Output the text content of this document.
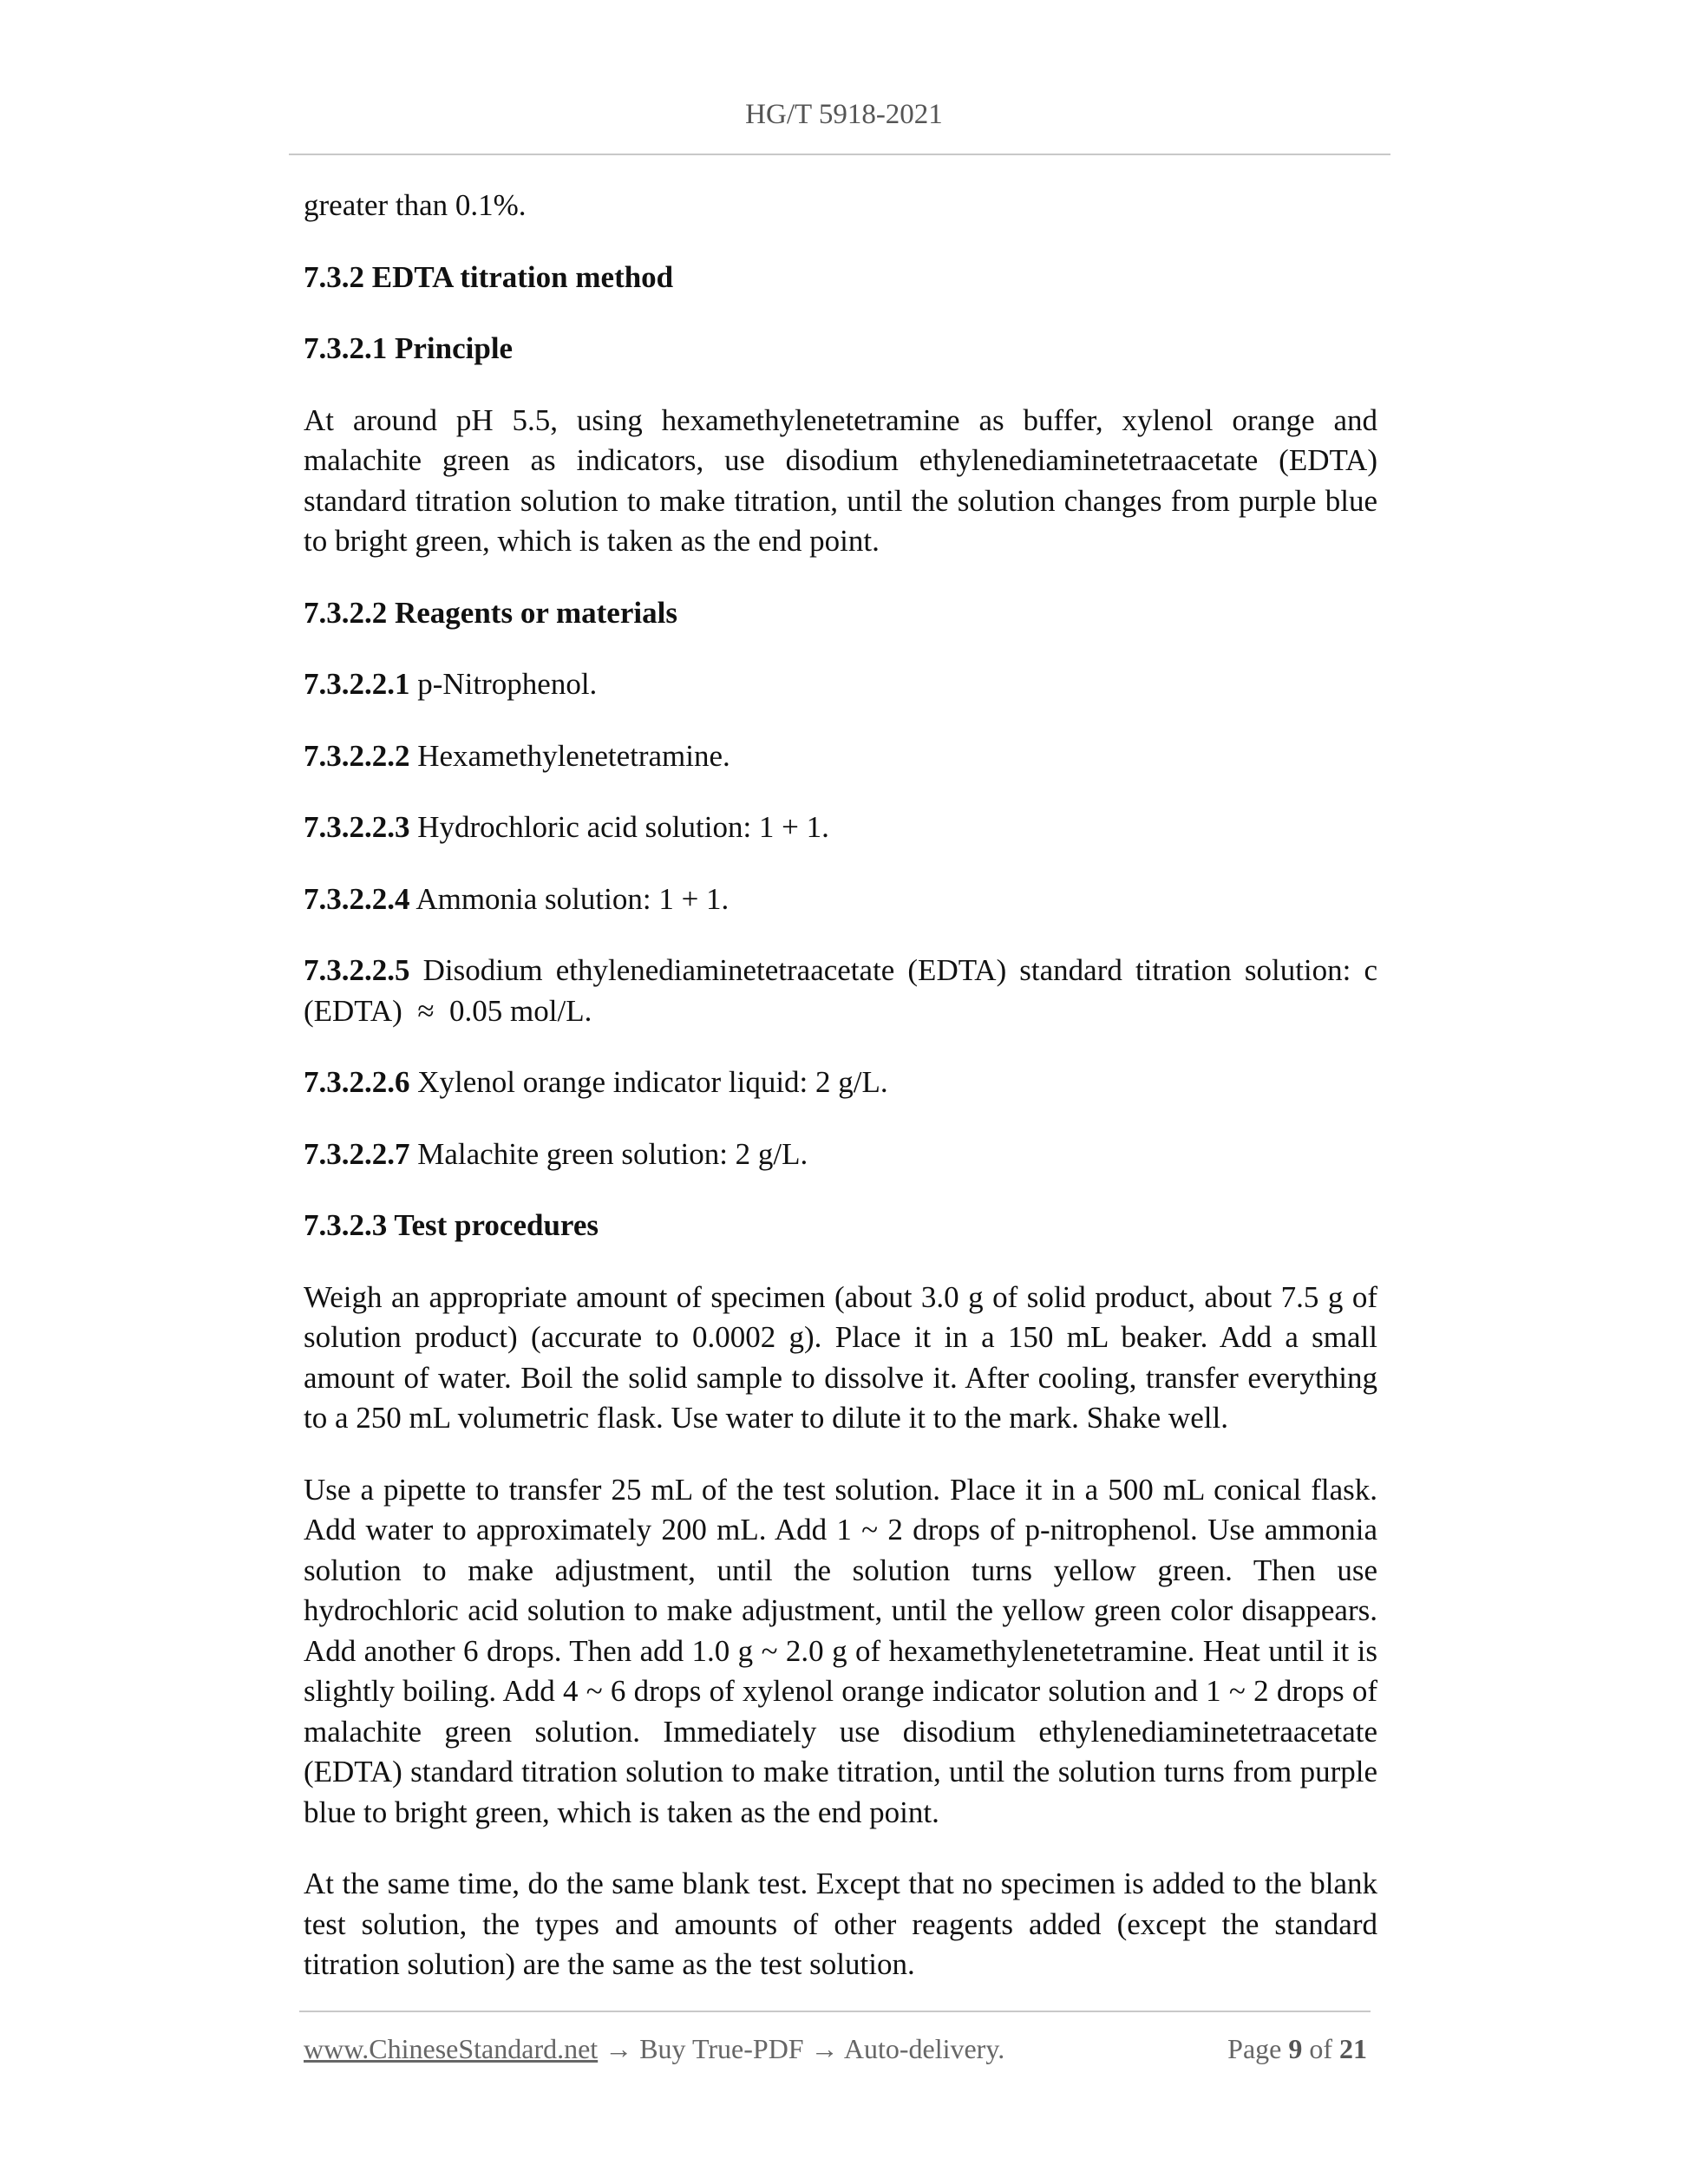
HG/T 5918-2021

greater than 0.1%.

7.3.2 EDTA titration method

7.3.2.1 Principle

At around pH 5.5, using hexamethylenetetramine as buffer, xylenol orange and malachite green as indicators, use disodium ethylenediaminetetraacetate (EDTA) standard titration solution to make titration, until the solution changes from purple blue to bright green, which is taken as the end point.

7.3.2.2 Reagents or materials

7.3.2.2.1 p-Nitrophenol.

7.3.2.2.2 Hexamethylenetetramine.

7.3.2.2.3 Hydrochloric acid solution: 1 + 1.

7.3.2.2.4 Ammonia solution: 1 + 1.

7.3.2.2.5 Disodium ethylenediaminetetraacetate (EDTA) standard titration solution: c (EDTA)  ≈  0.05 mol/L.

7.3.2.2.6 Xylenol orange indicator liquid: 2 g/L.

7.3.2.2.7 Malachite green solution: 2 g/L.

7.3.2.3 Test procedures

Weigh an appropriate amount of specimen (about 3.0 g of solid product, about 7.5 g of solution product) (accurate to 0.0002 g). Place it in a 150 mL beaker. Add a small amount of water. Boil the solid sample to dissolve it. After cooling, transfer everything to a 250 mL volumetric flask. Use water to dilute it to the mark. Shake well.

Use a pipette to transfer 25 mL of the test solution. Place it in a 500 mL conical flask. Add water to approximately 200 mL. Add 1 ~ 2 drops of p-nitrophenol. Use ammonia solution to make adjustment, until the solution turns yellow green. Then use hydrochloric acid solution to make adjustment, until the yellow green color disappears. Add another 6 drops. Then add 1.0 g ~ 2.0 g of hexamethylenetetramine. Heat until it is slightly boiling. Add 4 ~ 6 drops of xylenol orange indicator solution and 1 ~ 2 drops of malachite green solution. Immediately use disodium ethylenediaminetetraacetate (EDTA) standard titration solution to make titration, until the solution turns from purple blue to bright green, which is taken as the end point.

At the same time, do the same blank test. Except that no specimen is added to the blank test solution, the types and amounts of other reagents added (except the standard titration solution) are the same as the test solution.

www.ChineseStandard.net → Buy True-PDF → Auto-delivery.	Page 9 of 21
